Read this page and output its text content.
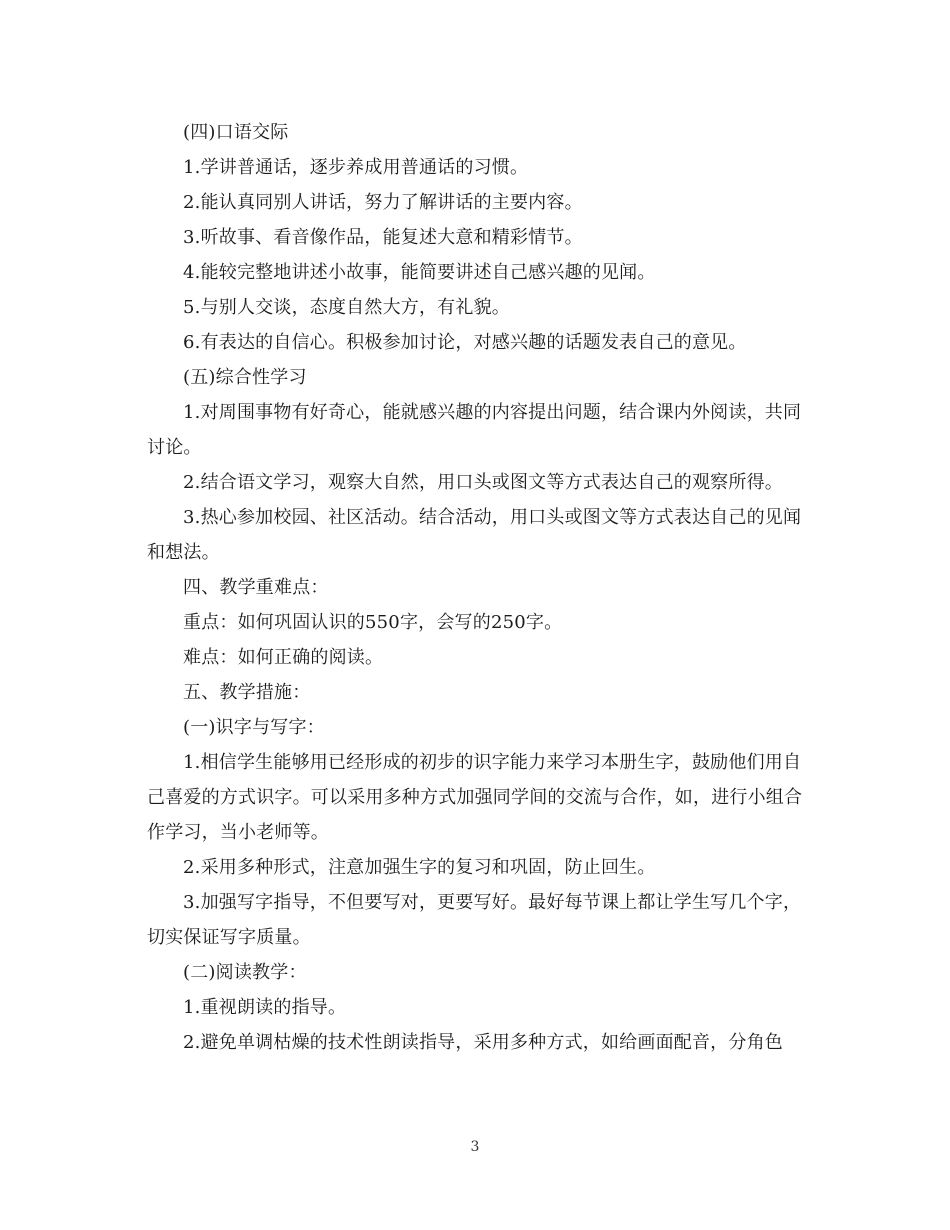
(四)口语交际

1.学讲普通话，逐步养成用普通话的习惯。

2.能认真同别人讲话，努力了解讲话的主要内容。

3.听故事、看音像作品，能复述大意和精彩情节。

4.能较完整地讲述小故事，能简要讲述自己感兴趣的见闻。

5.与别人交谈，态度自然大方，有礼貌。

6.有表达的自信心。积极参加讨论，对感兴趣的话题发表自己的意见。

(五)综合性学习

1.对周围事物有好奇心，能就感兴趣的内容提出问题，结合课内外阅读，共同讨论。

2.结合语文学习，观察大自然，用口头或图文等方式表达自己的观察所得。

3.热心参加校园、社区活动。结合活动，用口头或图文等方式表达自己的见闻和想法。

四、教学重难点：

重点：如何巩固认识的550字，会写的250字。

难点：如何正确的阅读。

五、教学措施：

(一)识字与写字：

1.相信学生能够用已经形成的初步的识字能力来学习本册生字，鼓励他们用自己喜爱的方式识字。可以采用多种方式加强同学间的交流与合作，如，进行小组合作学习，当小老师等。

2.采用多种形式，注意加强生字的复习和巩固，防止回生。

3.加强写字指导，不但要写对，更要写好。最好每节课上都让学生写几个字，切实保证写字质量。

(二)阅读教学：

1.重视朗读的指导。

2.避免单调枯燥的技术性朗读指导，采用多种方式，如给画面配音，分角色

3
